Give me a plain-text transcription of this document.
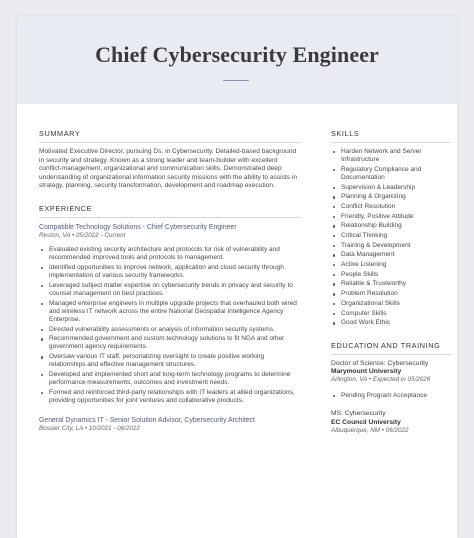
Chief Cybersecurity Engineer

SUMMARY

Motivated Executive Director, pursuing Ds. in Cybersecurity. Detailed-based background in security and strategy. Known as a strong leader and team-builder with excellent conflict-management, organizational and communication skills. Demonstrated deep understanding of organizational information security missions with the ability to assists in strategy, planning, security transformation, development and roadmap execution.

EXPERIENCE

Compatible Technology Solutions - Chief Cybersecurity Engineer

Reston, VA • 05/2022 - Current

Evaluated existing security architecture and protocols for risk of vulnerability and recommended improved tools and protocols to management.
Identified opportunities to improve network, application and cloud security through implementation of various security frameworks.
Leveraged subject matter expertise on cybersecurity trends in privacy and security to counsel management on best practices.
Managed enterprise engineers in multiple upgrade projects that overhauled both wired and wireless IT network across the entire National Geospatial Intelligence Agency Enterprise.
Directed vulnerability assessments or analysis of information security systems.
Recommended government and custom technology solutions to fit NGA and other government agency requirements.
Oversaw various IT staff, personalizing oversight to create positive working relationships and effective management structures.
Developed and implemented short and long-term technology programs to determine performance measurements, outcomes and investment needs.
Formed and reinforced third-party relationships with IT leaders at allied organizations, providing opportunities for joint ventures and collaborative products.

General Dynamics IT - Senior Solution Advisor, Cybersecurity Architect

Bossier City, LA • 10/2021 - 06/2022

SKILLS

Harden Network and Server Infrastructure
Regulatory Compliance and Documentation
Supervision & Leadership
Planning & Organizing
Conflict Resolution
Friendly, Positive Attitude
Relationship Building
Critical Thinking
Training & Development
Data Management
Active Listening
People Skills
Reliable & Trustworthy
Problem Resolution
Organizational Skills
Computer Skills
Good Work Ethic

EDUCATION AND TRAINING

Doctor of Science: Cybersecurity

Marymount University

Arlington, VA • Expected in 05/2026

Pending Program Acceptance

MS: Cybersecurity

EC Council University

Albuquerque, NM • 06/2022
